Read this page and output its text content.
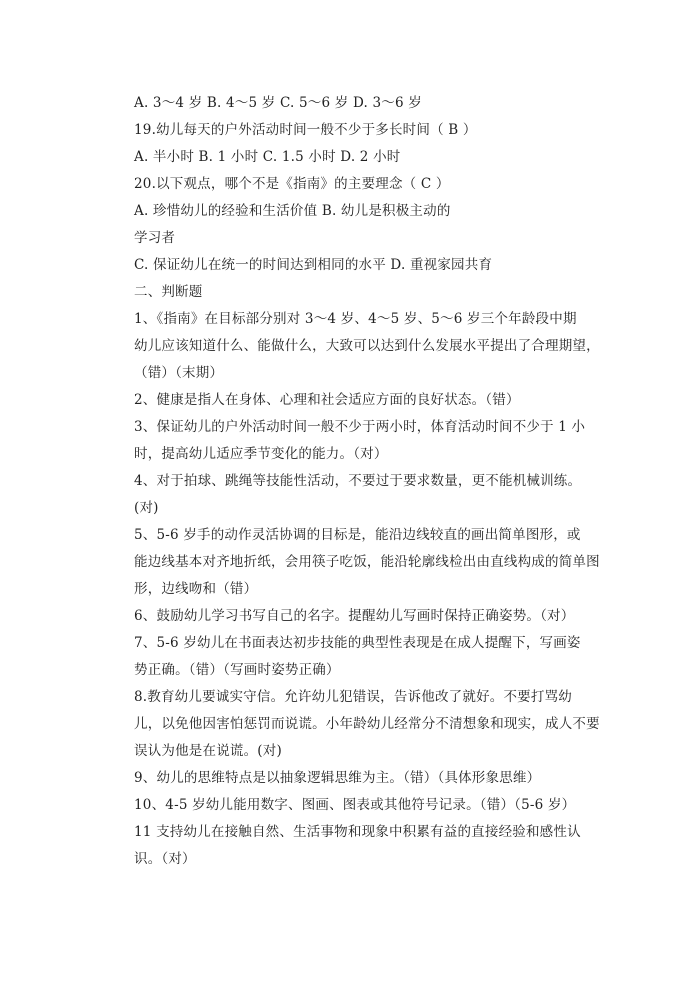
A. 3～4 岁 B. 4～5 岁 C. 5～6 岁 D. 3～6 岁
19.幼儿每天的户外活动时间一般不少于多长时间（ B ）
A. 半小时 B. 1 小时 C. 1.5 小时 D. 2 小时
20.以下观点，哪个不是《指南》的主要理念（ C ）
A. 珍惜幼儿的经验和生活价值 B. 幼儿是积极主动的
学习者
C. 保证幼儿在统一的时间达到相同的水平 D. 重视家园共育
二、判断题
1、《指南》在目标部分别对 3～4 岁、4～5 岁、5～6 岁三个年龄段中期
幼儿应该知道什么、能做什么，大致可以达到什么发展水平提出了合理期望，
（错）（末期）
2、健康是指人在身体、心理和社会适应方面的良好状态。（错）
3、保证幼儿的户外活动时间一般不少于两小时，体育活动时间不少于 1 小
时，提高幼儿适应季节变化的能力。（对）
4、对于拍球、跳绳等技能性活动，不要过于要求数量，更不能机械训练。
(对)
5、5-6 岁手的动作灵活协调的目标是，能沿边线较直的画出简单图形，或
能边线基本对齐地折纸，会用筷子吃饭，能沿轮廓线检出由直线构成的简单图
形，边线吻和（错）
6、鼓励幼儿学习书写自己的名字。提醒幼儿写画时保持正确姿势。（对）
7、5-6 岁幼儿在书面表达初步技能的典型性表现是在成人提醒下，写画姿
势正确。（错）（写画时姿势正确）
8.教育幼儿要诚实守信。允许幼儿犯错误，告诉他改了就好。不要打骂幼
儿，以免他因害怕惩罚而说谎。小年龄幼儿经常分不清想象和现实，成人不要
误认为他是在说谎。(对)
9、幼儿的思维特点是以抽象逻辑思维为主。（错）（具体形象思维）
10、4-5 岁幼儿能用数字、图画、图表或其他符号记录。（错）（5-6 岁）
11 支持幼儿在接触自然、生活事物和现象中积累有益的直接经验和感性认
识。（对）
